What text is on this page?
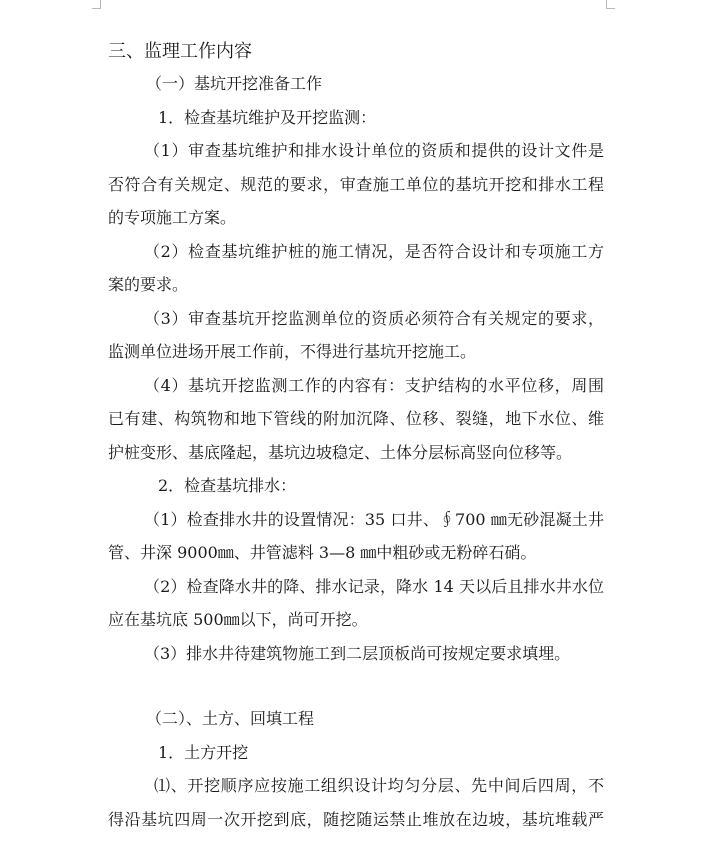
三、监理工作内容
（一）基坑开挖准备工作
1．检查基坑维护及开挖监测：
（1）审查基坑维护和排水设计单位的资质和提供的设计文件是
否符合有关规定、规范的要求，审查施工单位的基坑开挖和排水工程
的专项施工方案。
（2）检查基坑维护桩的施工情况，是否符合设计和专项施工方
案的要求。
（3）审查基坑开挖监测单位的资质必须符合有关规定的要求，
监测单位进场开展工作前，不得进行基坑开挖施工。
（4）基坑开挖监测工作的内容有：支护结构的水平位移，周围
已有建、构筑物和地下管线的附加沉降、位移、裂缝，地下水位、维
护桩变形、基底隆起，基坑边坡稳定、土体分层标高竖向位移等。
2．检查基坑排水：
（1）检查排水井的设置情况：35 口井、∮700 ㎜无砂混凝土井
管、井深 9000㎜、井管滤料 3—8 ㎜中粗砂或无粉碎石硝。
（2）检查降水井的降、排水记录，降水 14 天以后且排水井水位
应在基坑底 500㎜以下，尚可开挖。
（3）排水井待建筑物施工到二层顶板尚可按规定要求填埋。
（二）、土方、回填工程
1．土方开挖
⑴、开挖顺序应按施工组织设计均匀分层、先中间后四周，不
得沿基坑四周一次开挖到底，随挖随运禁止堆放在边坡，基坑堆载严
